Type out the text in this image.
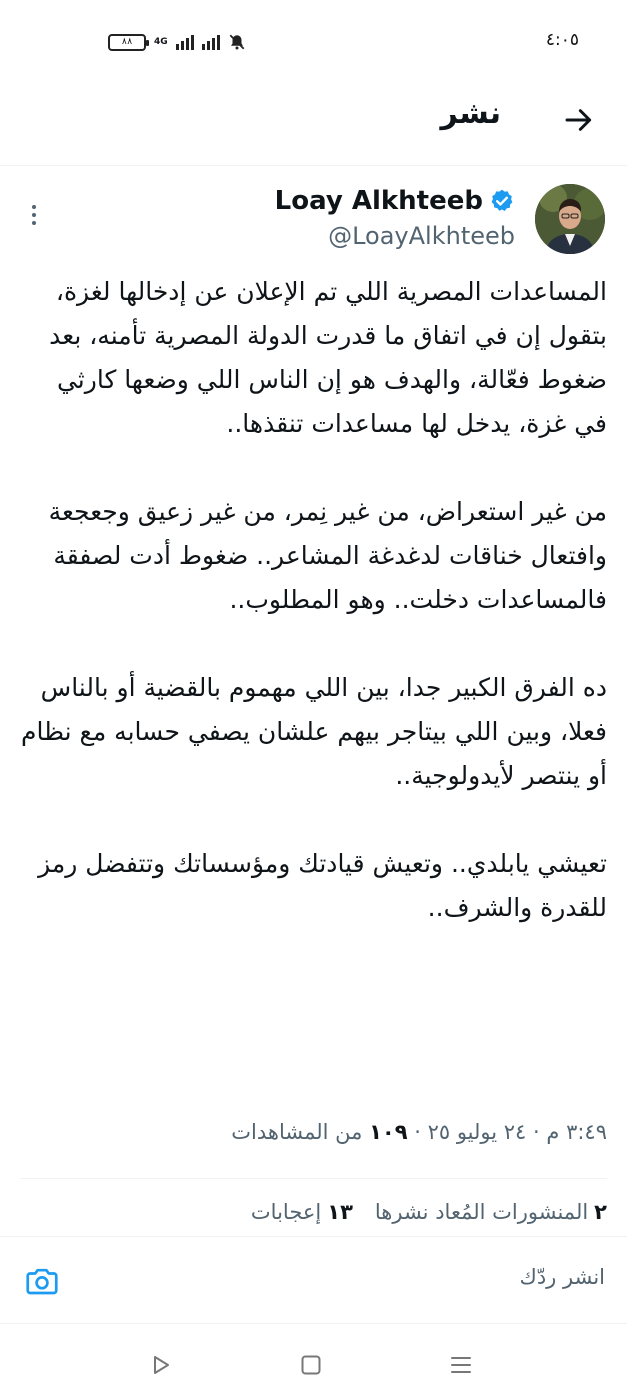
٨٨ 4G	٤:٠٥
نشر
Loay Alkhteeb
@LoayAlkhteeb
المساعدات المصرية اللي تم الإعلان عن إدخالها لغزة، بتقول إن في اتفاق ما قدرت الدولة المصرية تأمنه، بعد ضغوط فعّالة، والهدف هو إن الناس اللي وضعها كارثي في غزة، يدخل لها مساعدات تنقذها..
من غير استعراض، من غير نِمر، من غير زعيق وجعجعة وافتعال خناقات لدغدغة المشاعر.. ضغوط أدت لصفقة فالمساعدات دخلت.. وهو المطلوب..
ده الفرق الكبير جدا، بين اللي مهموم بالقضية أو بالناس فعلا، وبين اللي بيتاجر بيهم علشان يصفي حسابه مع نظام أو ينتصر لأيدولوجية..
تعيشي يابلدي.. وتعيش قيادتك ومؤسساتك وتتفضل رمز للقدرة والشرف..
٣:٤٩ م · ٢٤ يوليو ٢٥ · ١٠٩ من المشاهدات
٢المنشورات المُعاد نشرها
١٣إعجابات
انشر ردّك
